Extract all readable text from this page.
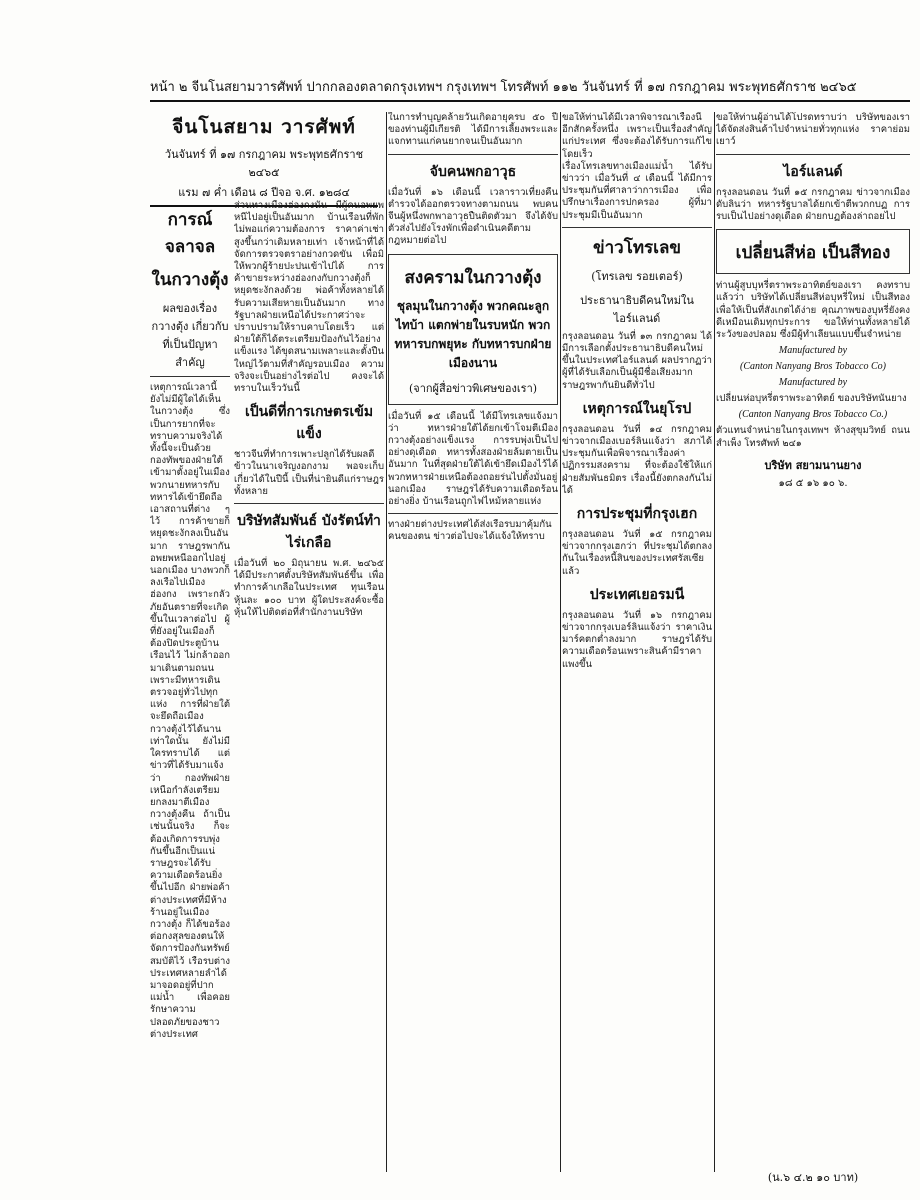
หน้า ๒ จีนโนสยามวารศัพท์ ปากกลองตลาดกรุงเทพฯ กรุงเทพฯ โทรศัพท์ ๑๑๒ วันจันทร์ ที่ ๑๗ กรกฎาคม พระพุทธศักราช ๒๔๖๕
จีนโนสยาม วารศัพท์
วันจันทร์ ที่ ๑๗ กรกฎาคม พระพุทธศักราช ๒๔๖๕
แรม ๗ ค่ำ เดือน ๘ ปีจอ จ.ศ. ๑๒๘๔
การณ์จลาจล
ในกวางตุ้ง
ผลของเรื่องกวางตุ้ง เกี่ยวกับ ที่เป็นปัญหาสำคัญ
เหตุการณ์เวลานี้ ยังไม่มีผู้ใดได้เห็นในกวางตุ้ง ซึ่งเป็นการยากที่จะทราบความจริงได้ ทั้งนี้จะเป็นด้วยกองทัพของฝ่ายใต้เข้ามาตั้งอยู่ในเมือง พวกนายทหารกับทหารได้เข้ายึดถือเอาสถานที่ต่าง ๆ ไว้ การค้าขายก็หยุดชะงักลงเป็นอันมาก ราษฎรพากันอพยพหนีออกไปอยู่นอกเมือง บางพวกก็ลงเรือไปเมืองฮ่องกง เพราะกลัวภัยอันตรายที่จะเกิดขึ้นในเวลาต่อไป ผู้ที่ยังอยู่ในเมืองก็ต้องปิดประตูบ้านเรือนไว้ ไม่กล้าออกมาเดินตามถนน เพราะมีทหารเดินตรวจอยู่ทั่วไปทุกแห่ง การที่ฝ่ายใต้จะยึดถือเมืองกวางตุ้งไว้ได้นานเท่าใดนั้น ยังไม่มีใครทราบได้ แต่ข่าวที่ได้รับมาแจ้งว่า กองทัพฝ่ายเหนือกำลังเตรียมยกลงมาตีเมืองกวางตุ้งคืน ถ้าเป็นเช่นนั้นจริง ก็จะต้องเกิดการรบพุ่งกันขึ้นอีกเป็นแน่ ราษฎรจะได้รับความเดือดร้อนยิ่งขึ้นไปอีก ฝ่ายพ่อค้าต่างประเทศที่มีห้างร้านอยู่ในเมืองกวางตุ้ง ก็ได้ขอร้องต่อกงสุลของตนให้จัดการป้องกันทรัพย์สมบัติไว้ เรือรบต่างประเทศหลายลำได้มาจอดอยู่ที่ปากแม่น้ำ เพื่อคอยรักษาความปลอดภัยของชาวต่างประเทศ
ส่วนทางเมืองฮ่องกงนั้น มีผู้คนอพยพหนีไปอยู่เป็นอันมาก บ้านเรือนที่พักไม่พอแก่ความต้องการ ราคาค่าเช่าสูงขึ้นกว่าเดิมหลายเท่า เจ้าหน้าที่ได้จัดการตรวจตราอย่างกวดขัน เพื่อมิให้พวกผู้ร้ายปะปนเข้าไปได้ การค้าขายระหว่างฮ่องกงกับกวางตุ้งก็หยุดชะงักลงด้วย พ่อค้าทั้งหลายได้รับความเสียหายเป็นอันมาก ทางรัฐบาลฝ่ายเหนือได้ประกาศว่าจะปราบปรามให้ราบคาบโดยเร็ว แต่ฝ่ายใต้ก็ได้ตระเตรียมป้องกันไว้อย่างแข็งแรง ได้ขุดสนามเพลาะและตั้งปืนใหญ่ไว้ตามที่สำคัญรอบเมือง ความจริงจะเป็นอย่างไรต่อไป คงจะได้ทราบในเร็ววันนี้
เป็นดีที่การเกษตรเข้มแข็ง
ชาวจีนที่ทำการเพาะปลูกได้รับผลดี ข้าวในนาเจริญงอกงาม พอจะเก็บเกี่ยวได้ในปีนี้ เป็นที่น่ายินดีแก่ราษฎรทั้งหลาย
บริษัทสัมพันธ์ บังรัตน์ทำไร่เกลือ
เมื่อวันที่ ๒๐ มิถุนายน พ.ศ. ๒๔๖๕ ได้มีประกาศตั้งบริษัทสัมพันธ์ขึ้น เพื่อทำการค้าเกลือในประเทศ ทุนเรือนหุ้นละ ๑๐๐ บาท ผู้ใดประสงค์จะซื้อหุ้นให้ไปติดต่อที่สำนักงานบริษัท
ในการทำบุญคล้ายวันเกิดอายุครบ ๕๐ ปี ของท่านผู้มีเกียรติ ได้มีการเลี้ยงพระและแจกทานแก่คนยากจนเป็นอันมาก
จับคนพกอาวุธ
เมื่อวันที่ ๑๖ เดือนนี้ เวลาราวเที่ยงคืน ตำรวจได้ออกตรวจทางตามถนน พบคนจีนผู้หนึ่งพกพาอาวุธปืนติดตัวมา จึงได้จับตัวส่งไปยังโรงพักเพื่อดำเนินคดีตามกฎหมายต่อไป
สงครามในกวางตุ้ง
ชุลมุนในกวางตุ้ง พวกคณะลูกไทบ้า แตกพ่ายในรบหนัก พวกทหารบกพยุหะ กับทหารบกฝ่ายเมืองนาน
(จากผู้สื่อข่าวพิเศษของเรา)
เมื่อวันที่ ๑๕ เดือนนี้ ได้มีโทรเลขแจ้งมาว่า ทหารฝ่ายใต้ได้ยกเข้าโจมตีเมืองกวางตุ้งอย่างแข็งแรง การรบพุ่งเป็นไปอย่างดุเดือด ทหารทั้งสองฝ่ายล้มตายเป็นอันมาก ในที่สุดฝ่ายใต้ได้เข้ายึดเมืองไว้ได้ พวกทหารฝ่ายเหนือต้องถอยร่นไปตั้งมั่นอยู่นอกเมือง ราษฎรได้รับความเดือดร้อนอย่างยิ่ง บ้านเรือนถูกไฟไหม้หลายแห่ง
ทางฝ่ายต่างประเทศได้ส่งเรือรบมาคุ้มกันคนของตน ข่าวต่อไปจะได้แจ้งให้ทราบ
ขอให้ท่านได้มีเวลาพิจารณาเรื่องนี้อีกสักครั้งหนึ่ง เพราะเป็นเรื่องสำคัญแก่ประเทศ ซึ่งจะต้องได้รับการแก้ไขโดยเร็ว
เรื่องโทรเลขทางเมืองแม่น้ำ ได้รับข่าวว่า เมื่อวันที่ ๔ เดือนนี้ ได้มีการประชุมกันที่ศาลาว่าการเมือง เพื่อปรึกษาเรื่องการปกครอง ผู้ที่มาประชุมมีเป็นอันมาก
ข่าวโทรเลข
(โทรเลข รอยเตอร์)
ประธานาธิบดีคนใหม่ในไอร์แลนด์
กรุงลอนดอน วันที่ ๑๓ กรกฎาคม ได้มีการเลือกตั้งประธานาธิบดีคนใหม่ขึ้นในประเทศไอร์แลนด์ ผลปรากฏว่าผู้ที่ได้รับเลือกเป็นผู้มีชื่อเสียงมาก ราษฎรพากันยินดีทั่วไป
เหตุการณ์ในยุโรป
กรุงลอนดอน วันที่ ๑๔ กรกฎาคม ข่าวจากเมืองเบอร์ลินแจ้งว่า สภาได้ประชุมกันเพื่อพิจารณาเรื่องค่าปฏิกรรมสงคราม ที่จะต้องใช้ให้แก่ฝ่ายสัมพันธมิตร เรื่องนี้ยังตกลงกันไม่ได้
การประชุมที่กรุงเฮก
กรุงลอนดอน วันที่ ๑๕ กรกฎาคม ข่าวจากกรุงเฮกว่า ที่ประชุมได้ตกลงกันในเรื่องหนี้สินของประเทศรัสเซียแล้ว
ประเทศเยอรมนี
กรุงลอนดอน วันที่ ๑๖ กรกฎาคม ข่าวจากกรุงเบอร์ลินแจ้งว่า ราคาเงินมาร์คตกต่ำลงมาก ราษฎรได้รับความเดือดร้อนเพราะสินค้ามีราคาแพงขึ้น
ขอให้ท่านผู้อ่านได้โปรดทราบว่า บริษัทของเราได้จัดส่งสินค้าไปจำหน่ายทั่วทุกแห่ง ราคาย่อมเยาว์
ไอร์แลนด์
กรุงลอนดอน วันที่ ๑๕ กรกฎาคม ข่าวจากเมืองดับลินว่า ทหารรัฐบาลได้ยกเข้าตีพวกกบฏ การรบเป็นไปอย่างดุเดือด ฝ่ายกบฏต้องล่าถอยไป
เปลี่ยนสีห่อ เป็นสีทอง
ท่านผู้สูบบุหรี่ตราพระอาทิตย์ของเรา คงทราบแล้วว่า บริษัทได้เปลี่ยนสีห่อบุหรี่ใหม่ เป็นสีทอง เพื่อให้เป็นที่สังเกตได้ง่าย คุณภาพของบุหรี่ยังคงดีเหมือนเดิมทุกประการ ขอให้ท่านทั้งหลายได้ระวังของปลอม ซึ่งมีผู้ทำเลียนแบบขึ้นจำหน่าย
Manufactured by
(Canton Nanyang Bros Tobacco Co)
Manufactured by
เปลี่ยนห่อบุหรี่ตราพระอาทิตย์ ของบริษัทนันยาง
(Canton Nanyang Bros Tobacco Co.)
ตัวแทนจำหน่ายในกรุงเทพฯ ห้างสุขุมวิทย์ ถนนสำเพ็ง โทรศัพท์ ๒๔๑
บริษัท สยามนานยาง
๑๘ ๕ ๑๖ ๑๐ ๖.
(น.๖ ๔.๒ ๑๐ บาท)
